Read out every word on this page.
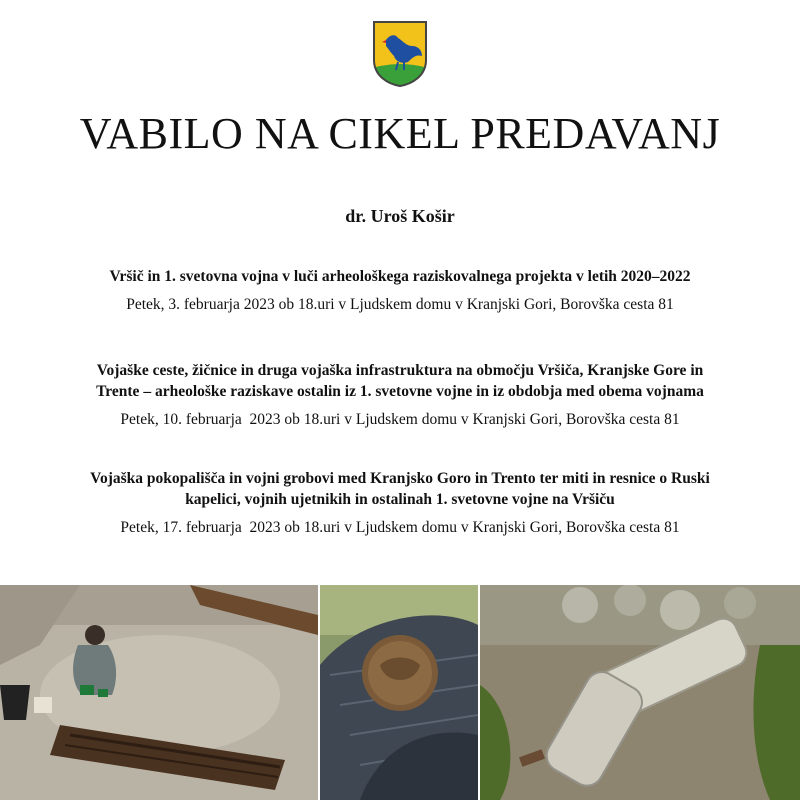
VABILO NA CIKEL PREDAVANJ
dr. Uroš Košir

Vršič in 1. svetovna vojna v luči arheološkega raziskovalnega projekta v letih 2020–2022

Petek, 3. februarja 2023 ob 18.uri v Ljudskem domu v Kranjski Gori, Borovška cesta 81

Vojaške ceste, žičnice in druga vojaška infrastruktura na območju Vršiča, Kranjske Gore in
Trente – arheološke raziskave ostalin iz 1. svetovne vojne in iz obdobja med obema vojnama

Petek, 10. februarja  2023 ob 18.uri v Ljudskem domu v Kranjski Gori, Borovška cesta 81

Vojaška pokopališča in vojni grobovi med Kranjsko Goro in Trento ter miti in resnice o Ruski
kapelici, vojnih ujetnikih in ostalinah 1. svetovne vojne na Vršiču

Petek, 17. februarja  2023 ob 18.uri v Ljudskem domu v Kranjski Gori, Borovška cesta 81
